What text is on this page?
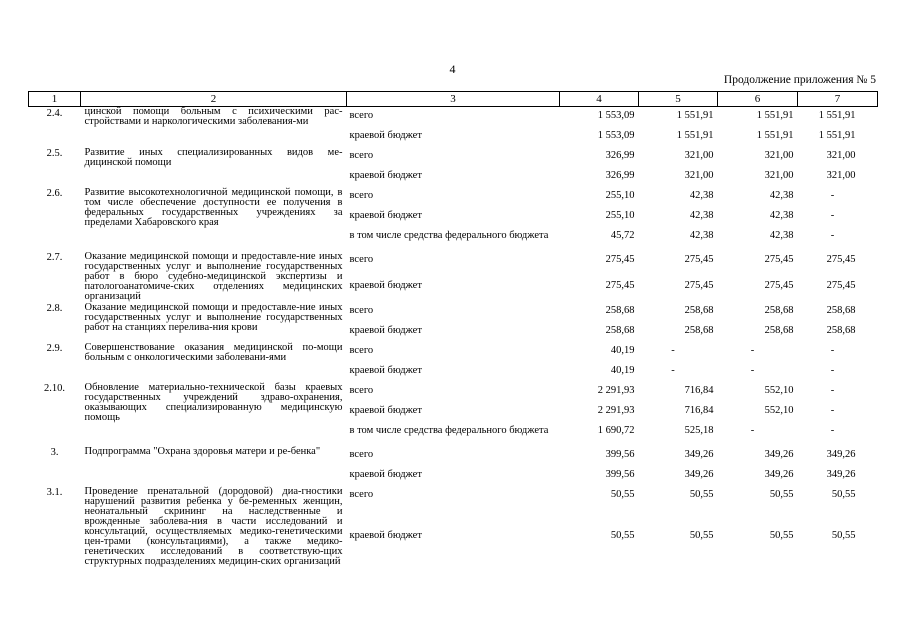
4
Продолжение приложения № 5
1	2	3	4	5	6	7
2.4.	цинской помощи больным с психическими рас-стройствами и наркологическими заболевания-ми	всего	1 553,09	1 551,91	1 551,91	1 551,91
		краевой бюджет	1 553,09	1 551,91	1 551,91	1 551,91
2.5.	Развитие иных специализированных видов ме-дицинской помощи	всего	326,99	321,00	321,00	321,00
		краевой бюджет	326,99	321,00	321,00	321,00
2.6.	Развитие высокотехнологичной медицинской помощи, в том числе обеспечение доступности ее получения в федеральных государственных учреждениях за пределами Хабаровского края	всего	255,10	42,38	42,38	-
		краевой бюджет	255,10	42,38	42,38	-
		в том числе средства федерального бюджета	45,72	42,38	42,38	-
2.7.	Оказание медицинской помощи и предоставле-ние иных государственных услуг и выполнение государственных работ в бюро судебно-медицинской экспертизы и патологоанатомиче-ских отделениях медицинских организаций	всего	275,45	275,45	275,45	275,45
		краевой бюджет	275,45	275,45	275,45	275,45
2.8.	Оказание медицинской помощи и предоставле-ние иных государственных услуг и выполнение государственных работ на станциях перелива-ния крови	всего	258,68	258,68	258,68	258,68
		краевой бюджет	258,68	258,68	258,68	258,68
2.9.	Совершенствование оказания медицинской по-мощи больным с онкологическими заболевани-ями	всего	40,19	-	-	-
		краевой бюджет	40,19	-	-	-
2.10.	Обновление материально-технической базы краевых государственных учреждений здраво-охранения, оказывающих специализированную медицинскую помощь	всего	2 291,93	716,84	552,10	-
		краевой бюджет	2 291,93	716,84	552,10	-
		в том числе средства федерального бюджета	1 690,72	525,18	-	-
3.	Подпрограмма "Охрана здоровья матери и ре-бенка"	всего	399,56	349,26	349,26	349,26
		краевой бюджет	399,56	349,26	349,26	349,26
3.1.	Проведение пренатальной (дородовой) диа-гностики нарушений развития ребенка у бе-ременных женщин, неонатальный скрининг на наследственные и врожденные заболева-ния в части исследований и консультаций, осуществляемых медико-генетическими цен-трами (консультациями), а также медико-генетических исследований в соответствую-щих структурных подразделениях медицин-ских организаций	всего	50,55	50,55	50,55	50,55
		краевой бюджет	50,55	50,55	50,55	50,55
